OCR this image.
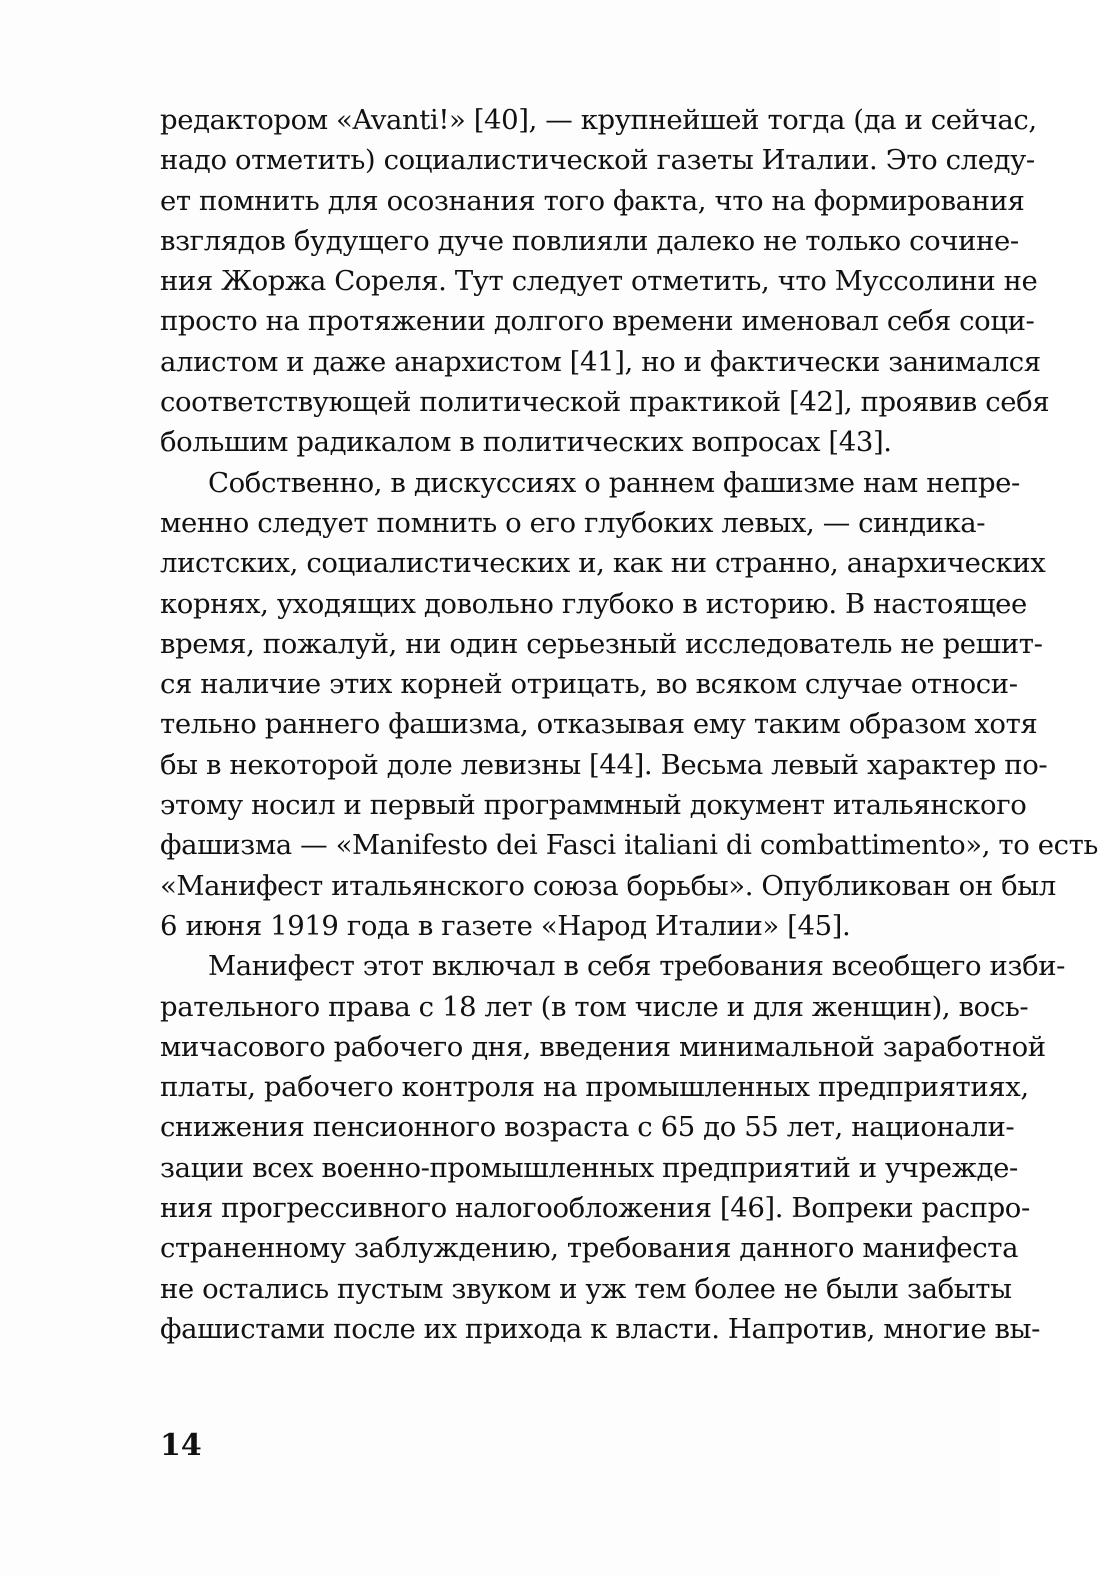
редактором «Avanti!» [40], — крупнейшей тогда (да и сейчас,
надо отметить) социалистической газеты Италии. Это следу-
ет помнить для осознания того факта, что на формирования
взглядов будущего дуче повлияли далеко не только сочине-
ния Жоржа Сореля. Тут следует отметить, что Муссолини не
просто на протяжении долгого времени именовал себя соци-
алистом и даже анархистом [41], но и фактически занимался
соответствующей политической практикой [42], проявив себя
большим радикалом в политических вопросах [43].
Собственно, в дискуссиях о раннем фашизме нам непре-
менно следует помнить о его глубоких левых, — синдика-
листских, социалистических и, как ни странно, анархических
корнях, уходящих довольно глубоко в историю. В настоящее
время, пожалуй, ни один серьезный исследователь не решит-
ся наличие этих корней отрицать, во всяком случае относи-
тельно раннего фашизма, отказывая ему таким образом хотя
бы в некоторой доле левизны [44]. Весьма левый характер по-
этому носил и первый программный документ итальянского
фашизма — «Manifesto dei Fasci italiani di combattimento», то есть
«Манифест итальянского союза борьбы». Опубликован он был
6 июня 1919 года в газете «Народ Италии» [45].
Манифест этот включал в себя требования всеобщего изби-
рательного права с 18 лет (в том числе и для женщин), вось-
мичасового рабочего дня, введения минимальной заработной
платы, рабочего контроля на промышленных предприятиях,
снижения пенсионного возраста с 65 до 55 лет, национали-
зации всех военно-промышленных предприятий и учрежде-
ния прогрессивного налогообложения [46]. Вопреки распро-
страненному заблуждению, требования данного манифеста
не остались пустым звуком и уж тем более не были забыты
фашистами после их прихода к власти. Напротив, многие вы-
14
